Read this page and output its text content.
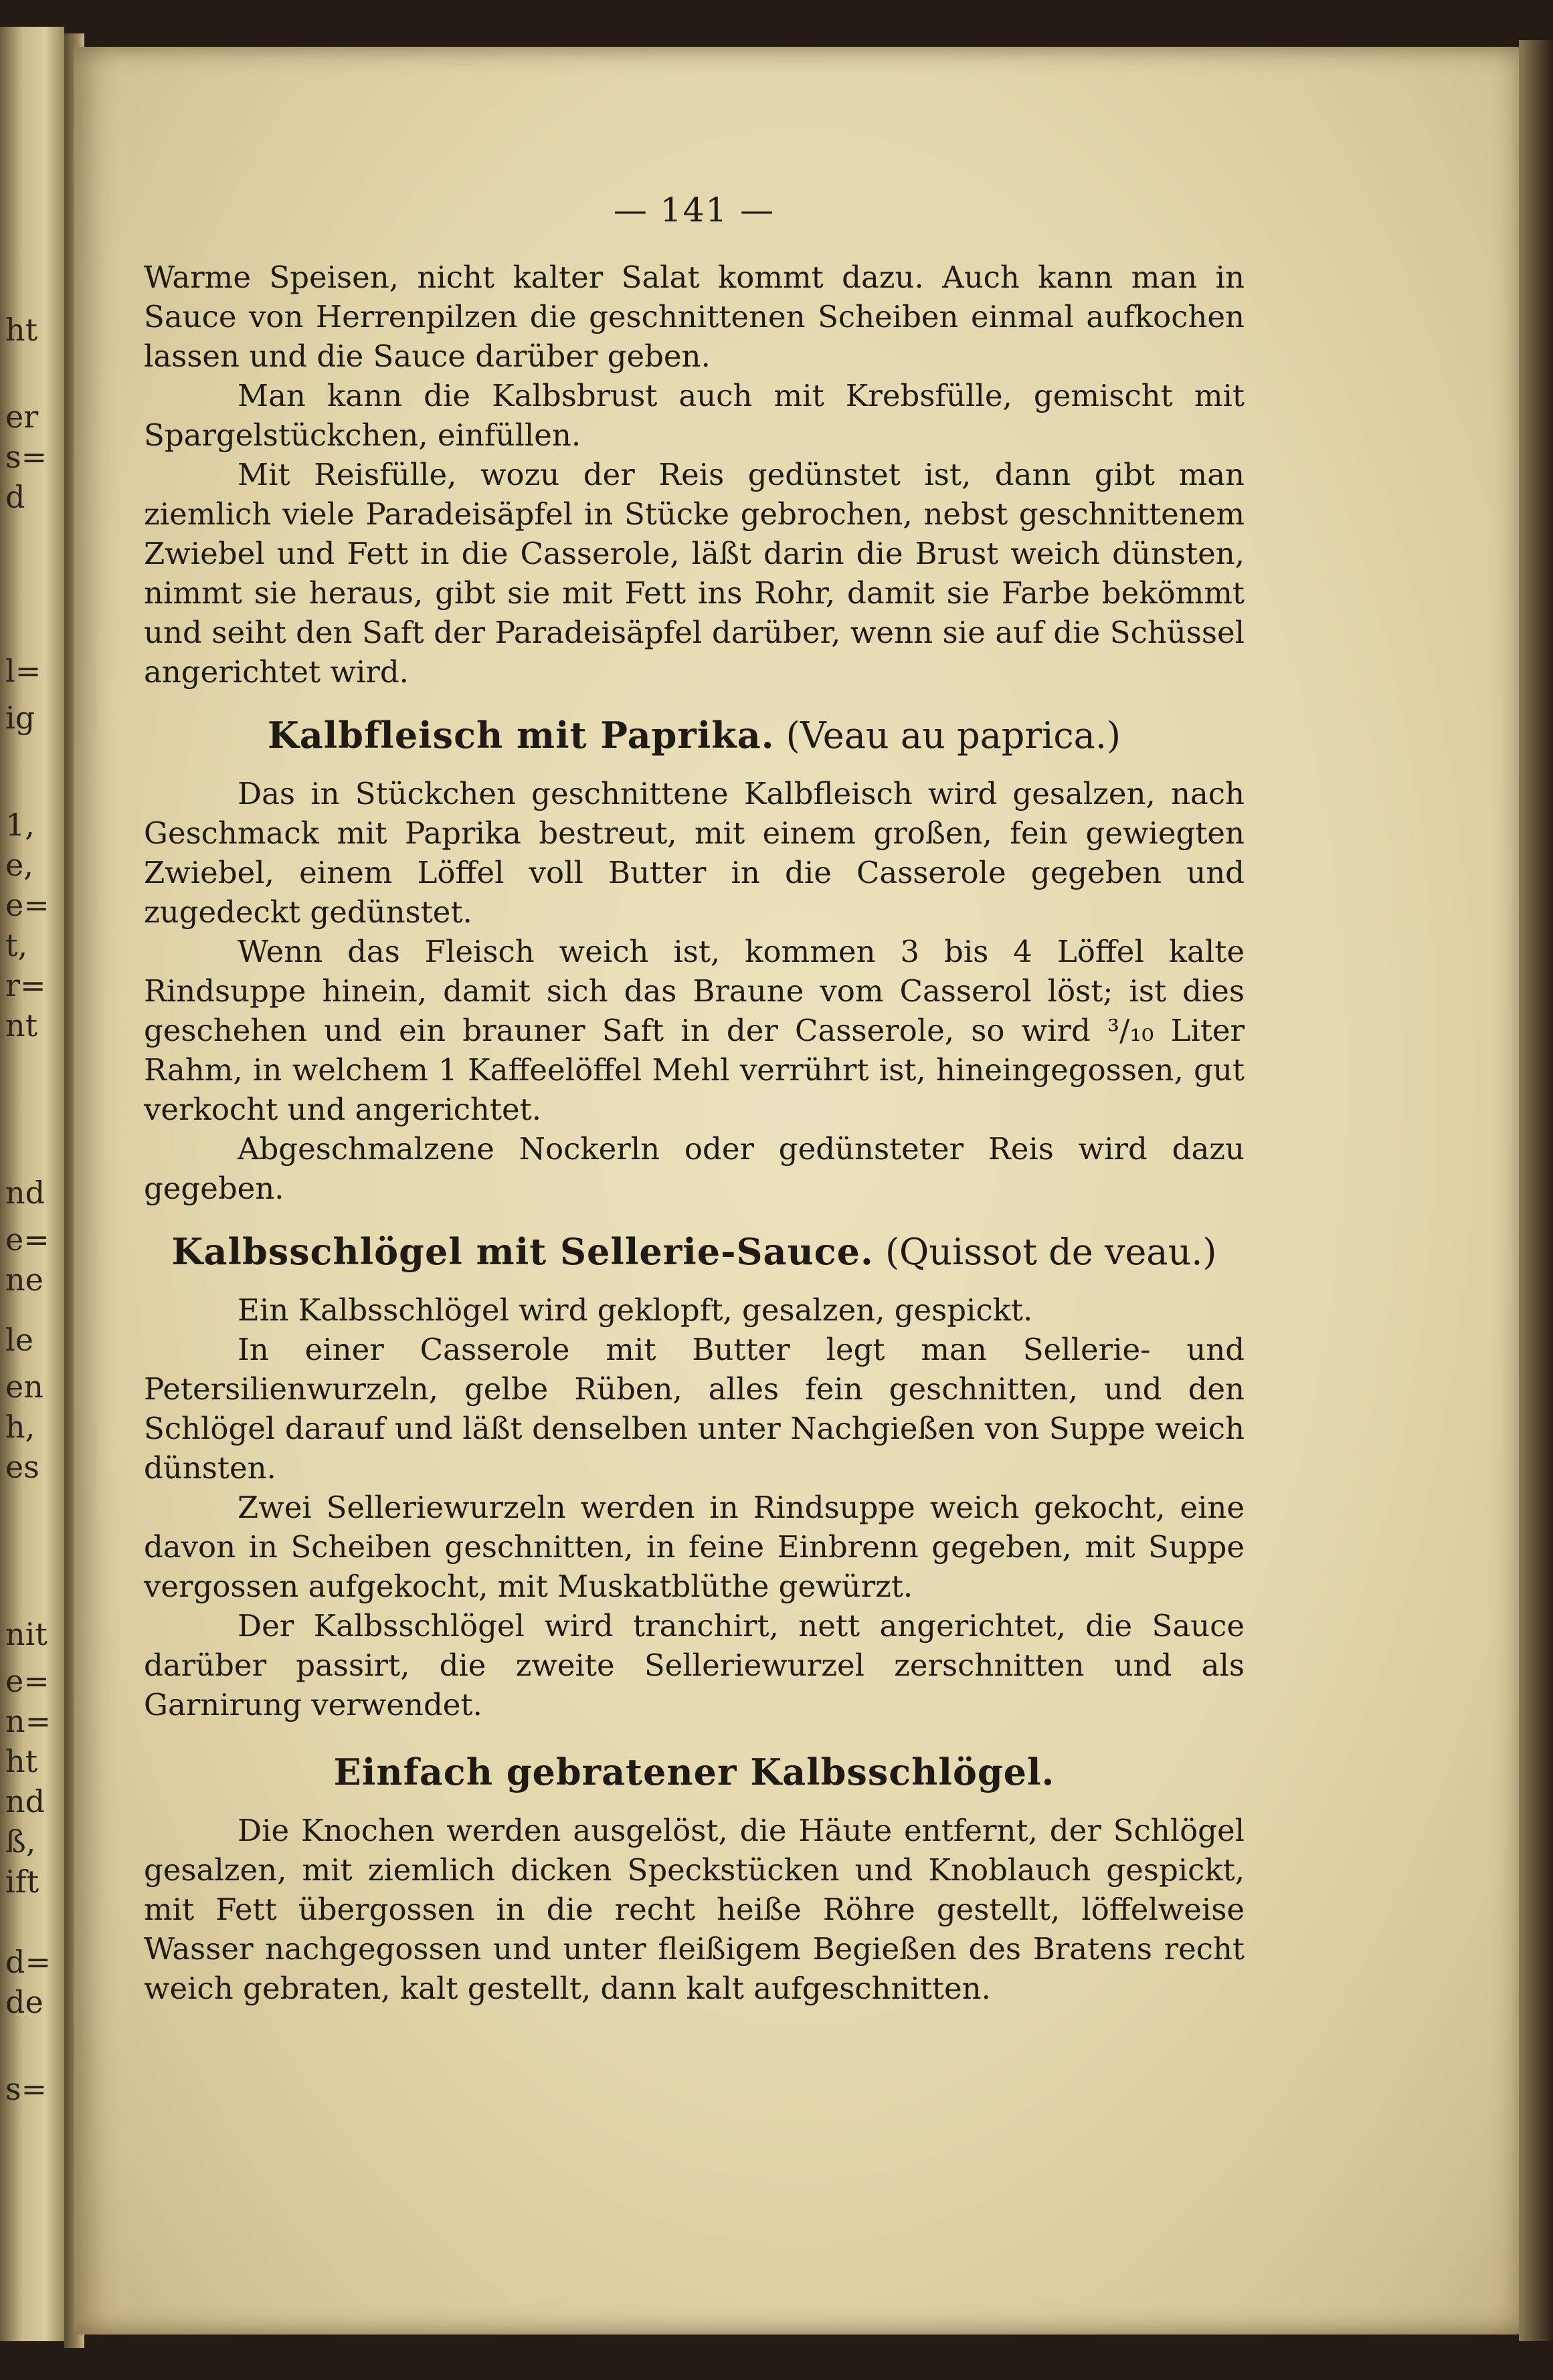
ht
er
s=
d
l=
ig
1,
e,
e=
t,
r=
nt
nd
e=
ne
le
en
h,
es
nit
e=
n=
ht
nd
ß,
ift
d=
de
s=
— 141 —

Warme Speisen, nicht kalter Salat kommt dazu. Auch kann man in Sauce von Herrenpilzen die geschnittenen Scheiben einmal aufkochen lassen und die Sauce darüber geben.

Man kann die Kalbsbrust auch mit Krebsfülle, gemischt mit Spargelstückchen, einfüllen.

Mit Reisfülle, wozu der Reis gedünstet ist, dann gibt man ziemlich viele Paradeisäpfel in Stücke gebrochen, nebst geschnittenem Zwiebel und Fett in die Casserole, läßt darin die Brust weich dünsten, nimmt sie heraus, gibt sie mit Fett ins Rohr, damit sie Farbe bekömmt und seiht den Saft der Paradeisäpfel darüber, wenn sie auf die Schüssel angerichtet wird.

Kalbfleisch mit Paprika. (Veau au paprica.)

Das in Stückchen geschnittene Kalbfleisch wird gesalzen, nach Geschmack mit Paprika bestreut, mit einem großen, fein gewiegten Zwiebel, einem Löffel voll Butter in die Casserole gegeben und zugedeckt gedünstet.

Wenn das Fleisch weich ist, kommen 3 bis 4 Löffel kalte Rindsuppe hinein, damit sich das Braune vom Casserol löst; ist dies geschehen und ein brauner Saft in der Casserole, so wird ³/₁₀ Liter Rahm, in welchem 1 Kaffeelöffel Mehl verrührt ist, hineingegossen, gut verkocht und angerichtet.

Abgeschmalzene Nockerln oder gedünsteter Reis wird dazu gegeben.

Kalbsschlögel mit Sellerie-Sauce. (Quissot de veau.)

Ein Kalbsschlögel wird geklopft, gesalzen, gespickt.

In einer Casserole mit Butter legt man Sellerie- und Petersilienwurzeln, gelbe Rüben, alles fein geschnitten, und den Schlögel darauf und läßt denselben unter Nachgießen von Suppe weich dünsten.

Zwei Selleriewurzeln werden in Rindsuppe weich gekocht, eine davon in Scheiben geschnitten, in feine Einbrenn gegeben, mit Suppe vergossen aufgekocht, mit Muskatblüthe gewürzt.

Der Kalbsschlögel wird tranchirt, nett angerichtet, die Sauce darüber passirt, die zweite Selleriewurzel zerschnitten und als Garnirung verwendet.

Einfach gebratener Kalbsschlögel.

Die Knochen werden ausgelöst, die Häute entfernt, der Schlögel gesalzen, mit ziemlich dicken Speckstücken und Knoblauch gespickt, mit Fett übergossen in die recht heiße Röhre gestellt, löffelweise Wasser nachgegossen und unter fleißigem Begießen des Bratens recht weich gebraten, kalt gestellt, dann kalt aufgeschnitten.
